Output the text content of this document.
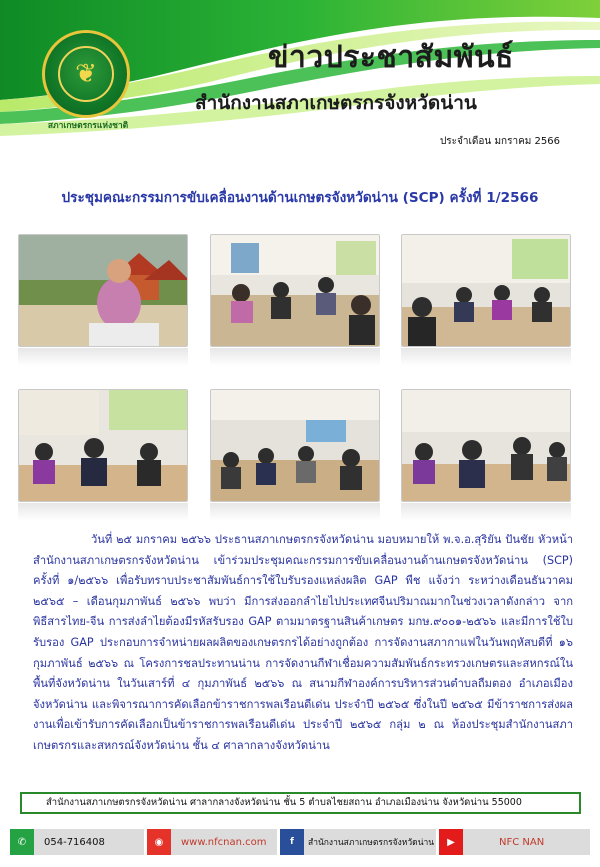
❦
สภาเกษตรกรแห่งชาติ
ข่าวประชาสัมพันธ์
สำนักงานสภาเกษตรกรจังหวัดน่าน
ประจำเดือน มกราคม 2566
ประชุมคณะกรรมการขับเคลื่อนงานด้านเกษตรจังหวัดน่าน (SCP) ครั้งที่ 1/2566
วันที่ ๒๕ มกราคม ๒๕๖๖ ประธานสภาเกษตรกรจังหวัดน่าน มอบหมายให้ พ.จ.อ.สุริยัน ปันชัย หัวหน้าสำนักงานสภาเกษตรกรจังหวัดน่าน เข้าร่วมประชุมคณะกรรมการขับเคลื่อนงานด้านเกษตรจังหวัดน่าน (SCP) ครั้งที่ ๑/๒๕๖๖ เพื่อรับทราบประชาสัมพันธ์การใช้ใบรับรองแหล่งผลิต GAP พืช แจ้งว่า ระหว่างเดือนธันวาคม ๒๕๖๕ – เดือนกุมภาพันธ์ ๒๕๖๖ พบว่า มีการส่งออกลำไยไปประเทศจีนปริมาณมากในช่วงเวลาดังกล่าว จากพิธีสารไทย-จีน การส่งลำไยต้องมีรหัสรับรอง GAP ตามมาตรฐานสินค้าเกษตร มกษ.๙๐๐๑-๒๕๖๖ และมีการใช้ใบรับรอง GAP ประกอบการจำหน่ายผลผลิตของเกษตรกรได้อย่างถูกต้อง การจัดงานสภากาแฟในวันพฤหัสบดีที่ ๑๖ กุมภาพันธ์ ๒๕๖๖ ณ โครงการชลประทานน่าน การจัดงานกีฬาเชื่อมความสัมพันธ์กระทรวงเกษตรและสหกรณ์ในพื้นที่จังหวัดน่าน ในวันเสาร์ที่ ๔ กุมภาพันธ์ ๒๕๖๖ ณ สนามกีฬาองค์การบริหารส่วนตำบลถืมตอง อำเภอเมือง จังหวัดน่าน และพิจารณาการคัดเลือกข้าราชการพลเรือนดีเด่น ประจำปี ๒๕๖๕ ซึ่งในปี ๒๕๖๕ มีข้าราชการส่งผลงานเพื่อเข้ารับการคัดเลือกเป็นข้าราชการพลเรือนดีเด่น ประจำปี ๒๕๖๕ กลุ่ม ๒ ณ ห้องประชุมสำนักงานสภาเกษตรกรและสหกรณ์จังหวัดน่าน ชั้น ๔ ศาลากลางจังหวัดน่าน
สำนักงานสภาเกษตรกรจังหวัดน่าน ศาลากลางจังหวัดน่าน ชั้น 5 ตำบลไชยสถาน อำเภอเมืองน่าน จังหวัดน่าน 55000
✆	054-716408	◉	www.nfcnan.com	f	สำนักงานสภาเกษตรกรจังหวัดน่าน	▶	NFC NAN
